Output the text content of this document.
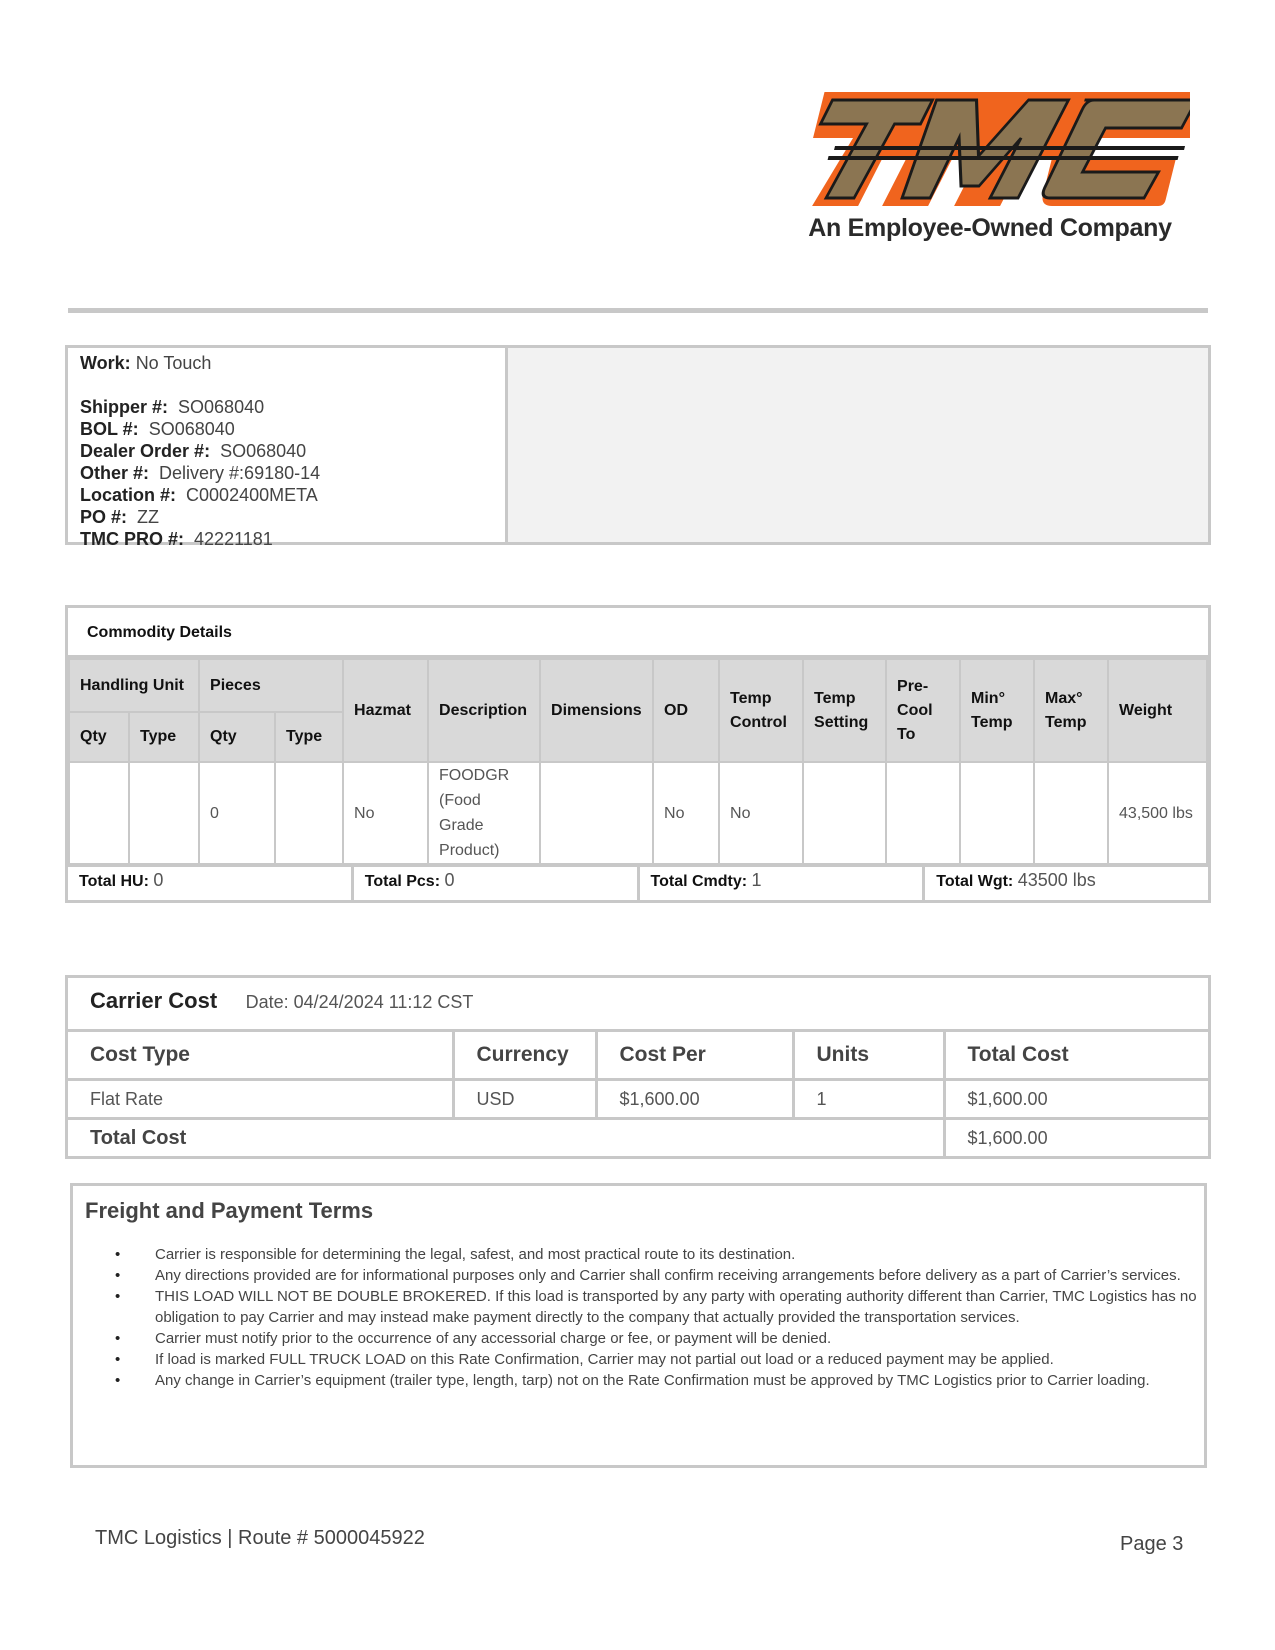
An Employee-Owned Company
Work: No Touch
Shipper #: SO068040
BOL #: SO068040
Dealer Order #: SO068040
Other #: Delivery #:69180-14
Location #: C0002400META
PO #: ZZ
TMC PRO #: 42221181
Commodity Details
Handling Unit		Pieces		Hazmat	Description	Dimensions	OD	Temp Control	Temp Setting	Pre-Cool To	Min° Temp	Max° Temp	Weight
Qty	Type	Qty	Type										
		0		No	FOODGR (Food Grade Product)		No	No					43,500 lbs
Total HU: 0	Total Pcs: 0	Total Cmdty: 1	Total Wgt: 43500 lbs
Carrier Cost Date: 04/24/2024 11:12 CST
Cost Type	Currency	Cost Per	Units	Total Cost
Flat Rate	USD	$1,600.00	1	$1,600.00
Total Cost				$1,600.00
Freight and Payment Terms
• Carrier is responsible for determining the legal, safest, and most practical route to its destination.
• Any directions provided are for informational purposes only and Carrier shall confirm receiving arrangements before delivery as a part of Carrier’s services.
• THIS LOAD WILL NOT BE DOUBLE BROKERED. If this load is transported by any party with operating authority different than Carrier, TMC Logistics has no obligation to pay Carrier and may instead make payment directly to the company that actually provided the transportation services.
• Carrier must notify prior to the occurrence of any accessorial charge or fee, or payment will be denied.
• If load is marked FULL TRUCK LOAD on this Rate Confirmation, Carrier may not partial out load or a reduced payment may be applied.
• Any change in Carrier’s equipment (trailer type, length, tarp) not on the Rate Confirmation must be approved by TMC Logistics prior to Carrier loading.
TMC Logistics | Route # 5000045922	Page 3
